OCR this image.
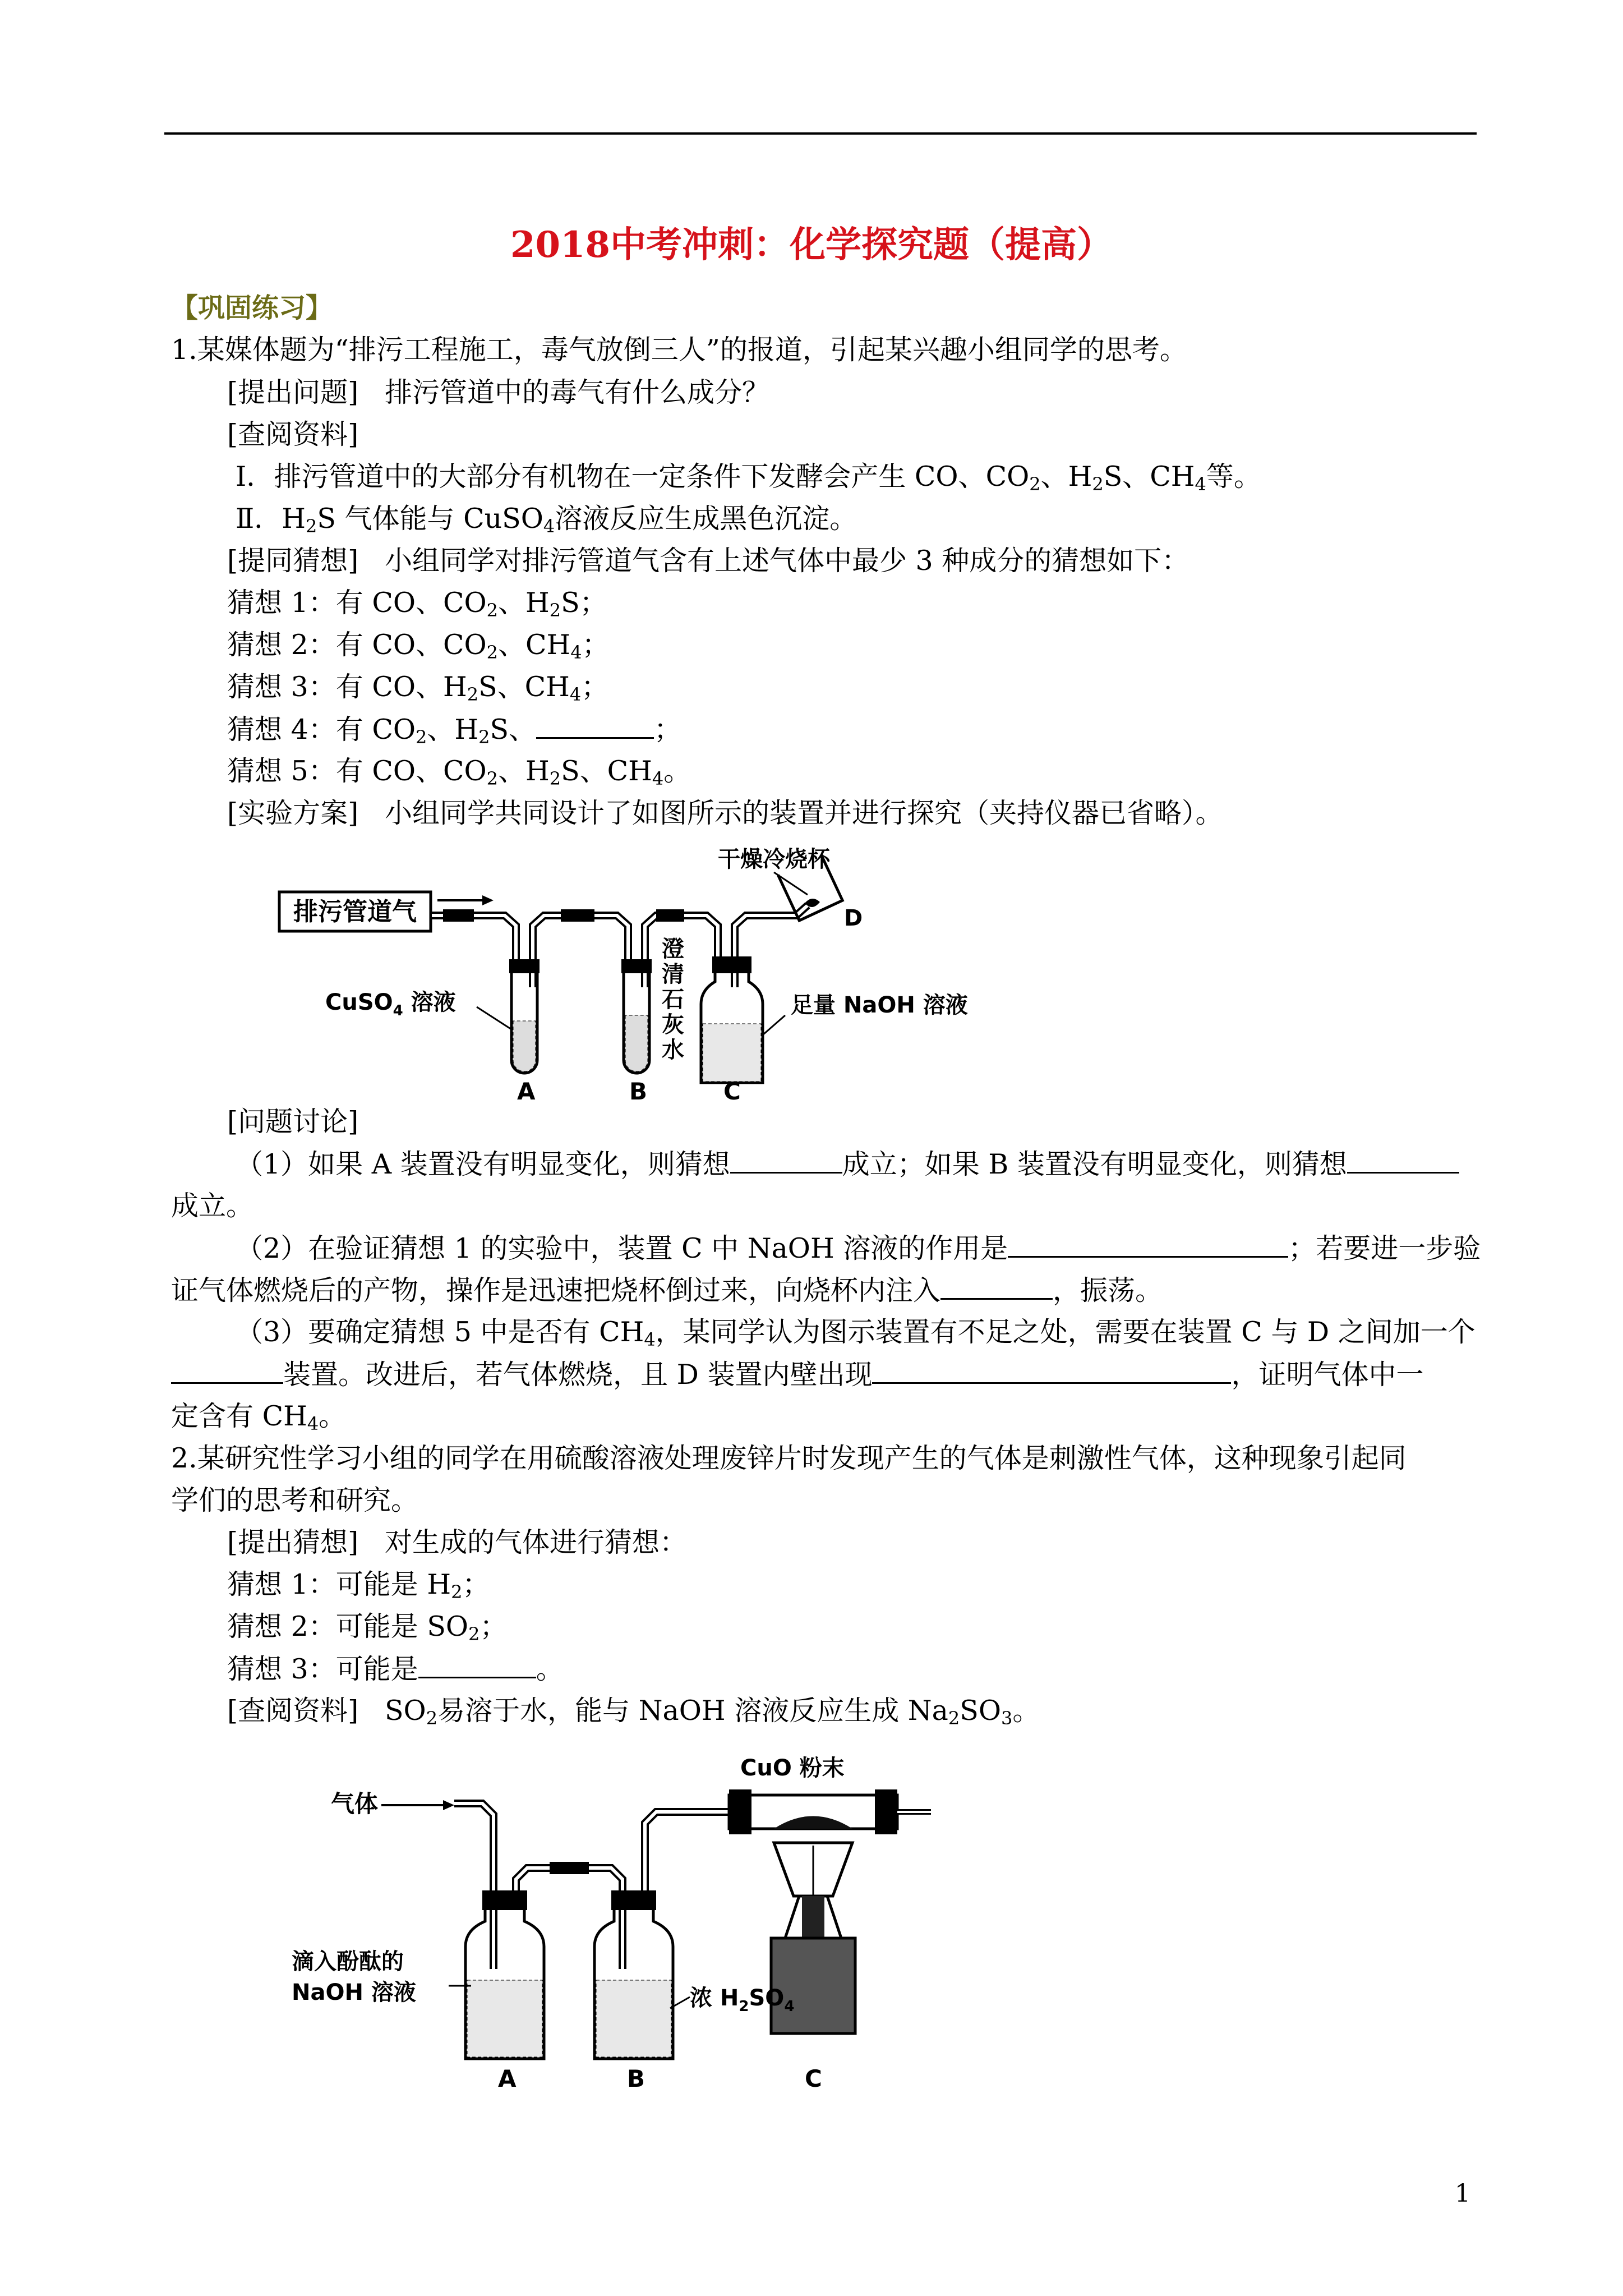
2018中考冲刺：化学探究题（提高）
【巩固练习】
1.某媒体题为“排污工程施工，毒气放倒三人”的报道，引起某兴趣小组同学的思考。
[提出问题] 排污管道中的毒气有什么成分？
[查阅资料]
Ⅰ．排污管道中的大部分有机物在一定条件下发酵会产生 CO、$CO_2$、$H_2S$、$CH_4$等。
Ⅱ．$H_2S$ 气体能与 CuSO$_4$溶液反应生成黑色沉淀。
[提同猜想] 小组同学对排污管道气含有上述气体中最少 3 种成分的猜想如下：
猜想 1：有 CO、$CO_2$、$H_2S$；
猜想 2：有 CO、$CO_2$、$CH_4$；
猜想 3：有 CO、$H_2S$、$CH_4$；
猜想 4：有 $CO_2$、$H_2S$、	；
猜想 5：有 CO、$CO_2$、$H_2S$、$CH_4$。
[实验方案] 小组同学共同设计了如图所示的装置并进行探究（夹持仪器已省略）。
排污管道气
干燥冷烧杯
D
CuSO$_4$ 溶液
澄
清
石
灰
水
足量 NaOH 溶液
A	B	C
[问题讨论]
（1）如果 A 装置没有明显变化，则猜想	成立；如果 B 装置没有明显变化，则猜想
成立。
（2）在验证猜想 1 的实验中，装置 C 中 NaOH 溶液的作用是	；若要进一步验
证气体燃烧后的产物，操作是迅速把烧杯倒过来，向烧杯内注入	，振荡。
（3）要确定猜想 5 中是否有 $CH_4$，某同学认为图示装置有不足之处，需要在装置 C 与 D 之间加一个
装置。改进后，若气体燃烧，且 D 装置内壁出现	，证明气体中一
定含有 $CH_4$。
2.某研究性学习小组的同学在用硫酸溶液处理废锌片时发现产生的气体是刺激性气体，这种现象引起同
学们的思考和研究。
[提出猜想] 对生成的气体进行猜想：
猜想 1：可能是 $H_2$；
猜想 2：可能是 $SO_2$；
猜想 3：可能是	。
[查阅资料] $SO_2$易溶于水，能与 NaOH 溶液反应生成 $Na_2SO_3$。
气体
CuO 粉末
滴入酚酞的
NaOH 溶液	浓 $H_2SO_4$
A	B	C
1
